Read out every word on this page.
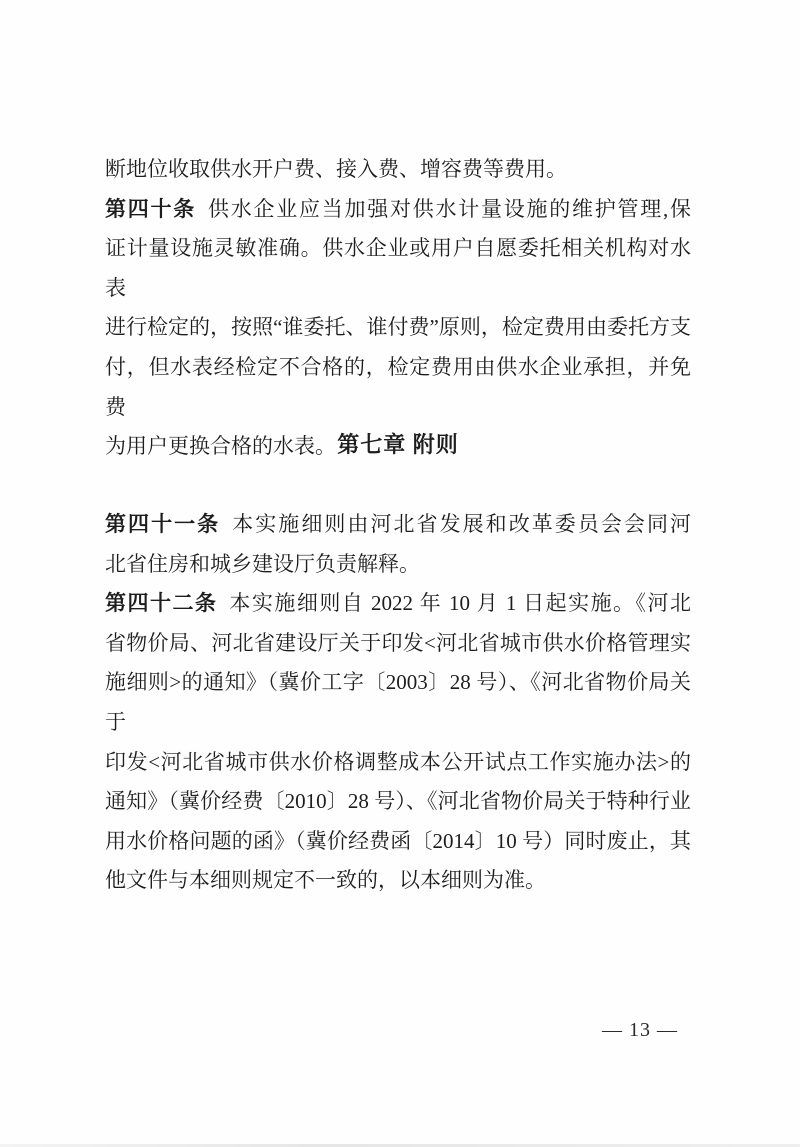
断地位收取供水开户费、接入费、增容费等费用。
第四十条 供水企业应当加强对供水计量设施的维护管理,保
证计量设施灵敏准确。供水企业或用户自愿委托相关机构对水表
进行检定的，按照“谁委托、谁付费”原则，检定费用由委托方支
付，但水表经检定不合格的，检定费用由供水企业承担，并免费
为用户更换合格的水表。 第七章 附则
第四十一条 本实施细则由河北省发展和改革委员会会同河
北省住房和城乡建设厅负责解释。
第四十二条 本实施细则自 2022 年 10 月 1 日起实施。《河北
省物价局、河北省建设厅关于印发<河北省城市供水价格管理实
施细则>的通知》（冀价工字〔2003〕28 号）、《河北省物价局关于
印发<河北省城市供水价格调整成本公开试点工作实施办法>的
通知》（冀价经费〔2010〕28 号）、《河北省物价局关于特种行业
用水价格问题的函》（冀价经费函〔2014〕10 号）同时废止，其
他文件与本细则规定不一致的，以本细则为准。
— 13 —
